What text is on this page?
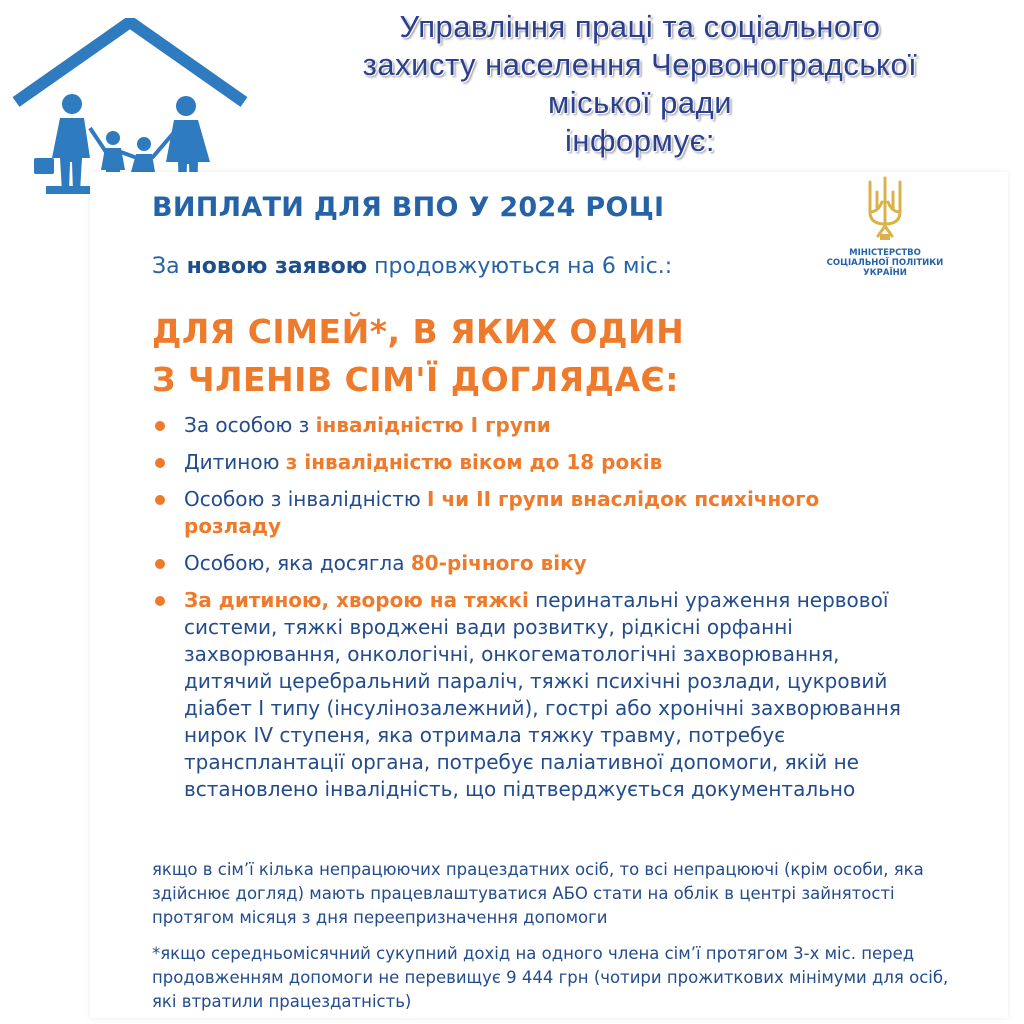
Управління праці та соціального
захисту населення Червоноградської
міської ради
інформує:
ВИПЛАТИ ДЛЯ ВПО У 2024 РОЦІ
За новою заявою продовжуються на 6 міс.:
МІНІСТЕРСТВО
СОЦІАЛЬНОЇ ПОЛІТИКИ
УКРАЇНИ
ДЛЯ СІМЕЙ*, В ЯКИХ ОДИН
З ЧЛЕНІВ СІМ'Ї ДОГЛЯДАЄ:
За особою з інвалідністю І групи
Дитиною з інвалідністю віком до 18 років
Особою з інвалідністю І чи ІІ групи внаслідок психічного розладу
Особою, яка досягла 80-річного віку
За дитиною, хворою на тяжкі перинатальні ураження нервової системи, тяжкі вроджені вади розвитку, рідкісні орфанні захворювання, онкологічні, онкогематологічні захворювання, дитячий церебральний параліч, тяжкі психічні розлади, цукровий діабет І типу (інсулінозалежний), гострі або хронічні захворювання нирок IV ступеня, яка отримала тяжку травму, потребує трансплантації органа, потребує паліативної допомоги, якій не встановлено інвалідність, що підтверджується документально
якщо в сім’ї кілька непрацюючих працездатних осіб, то всі непрацюючі (крім особи, яка здійснює догляд) мають працевлаштуватися АБО стати на облік в центрі зайнятості протягом місяця з дня переепризначення допомоги
*якщо середньомісячний сукупний дохід на одного члена сім’ї протягом 3-х міс. перед продовженням допомоги не перевищує 9 444 грн (чотири прожиткових мінімуми для осіб, які втратили працездатність)
